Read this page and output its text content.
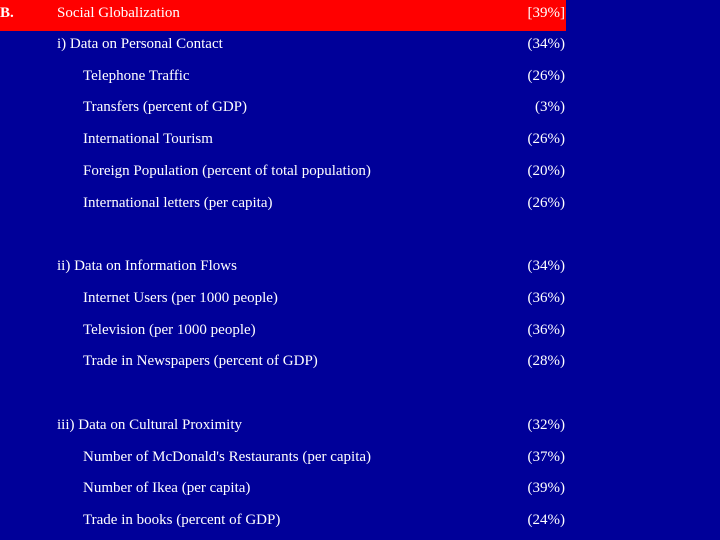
B.	Social Globalization	[39%]
i) Data on Personal Contact	(34%)
Telephone Traffic	(26%)
Transfers (percent of GDP)	(3%)
International Tourism	(26%)
Foreign Population (percent of total population)	(20%)
International letters (per capita)	(26%)
ii) Data on Information Flows	(34%)
Internet Users (per 1000 people)	(36%)
Television (per 1000 people)	(36%)
Trade in Newspapers (percent of GDP)	(28%)
iii) Data on Cultural Proximity	(32%)
Number of McDonald's Restaurants (per capita)	(37%)
Number of Ikea (per capita)	(39%)
Trade in books (percent of GDP)	(24%)
